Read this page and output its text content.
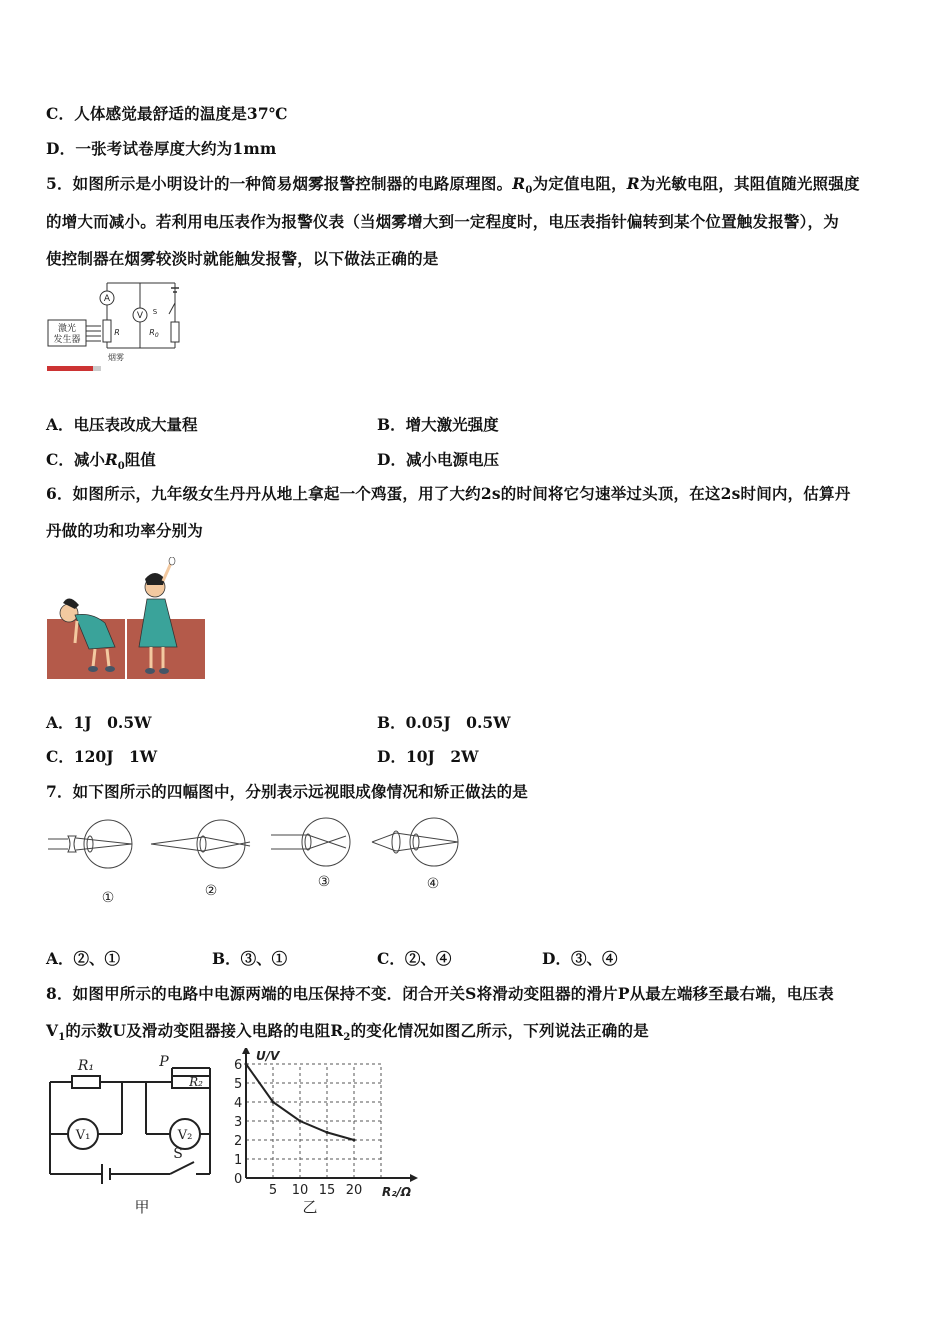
C．人体感觉最舒适的温度是37℃
D．一张考试卷厚度大约为1mm
5．如图所示是小明设计的一种简易烟雾报警控制器的电路原理图。$R_0$为定值电阻，R为光敏电阻，其阻值随光照强度
的增大而减小。若利用电压表作为报警仪表（当烟雾增大到一定程度时，电压表指针偏转到某个位置触发报警），为
使控制器在烟雾较淡时就能触发报警，以下做法正确的是
A
V S
R	$R_0$
激光
发生器
烟雾
A．电压表改成大量程	B．增大激光强度
C．减小$R_0$阻值	D．减小电源电压
6．如图所示，九年级女生丹丹从地上拿起一个鸡蛋，用了大约2s的时间将它匀速举过头顶，在这2s时间内，估算丹
丹做的功和功率分别为
A．1J　0.5W	B．0.05J　0.5W
C．120J　1W	D．10J　2W
7．如下图所示的四幅图中，分别表示远视眼成像情况和矫正做法的是
①	②
③	④
A．②、①	B．③、①	C．②、④	D．③、④
8．如图甲所示的电路中电源两端的电压保持不变．闭合开关S将滑动变阻器的滑片P从最左端移至最右端，电压表
$V_1$的示数U及滑动变阻器接入电路的电阻$R_2$的变化情况如图乙所示，下列说法正确的是
R₁	P
R₂
V₁	V₂
S
甲
0
1
2
3
4
5
6
5 10 15 20
U/V
R₂/Ω
乙
